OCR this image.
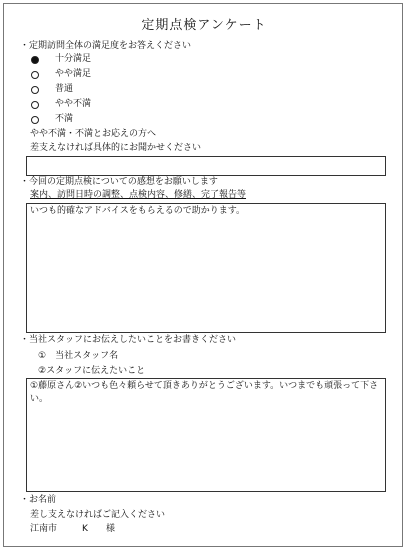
定期点検アンケート
・定期訪問全体の満足度をお答えください
十分満足
やや満足
普通
やや不満
不満
やや不満・不満とお応えの方へ
差支えなければ具体的にお聞かせください
・今回の定期点検についての感想をお願いします
案内、訪問日時の調整、点検内容、修繕、完了報告等
いつも的確なアドバイスをもらえるので助かります。
・当社スタッフにお伝えしたいことをお書きください
①　当社スタッフ名
②スタッフに伝えたいこと
①藤原さん②いつも色々頼らせて頂きありがとうございます。いつまでも頑張って下さい。
・お名前
差し支えなければご記入ください
江南市	K 様
